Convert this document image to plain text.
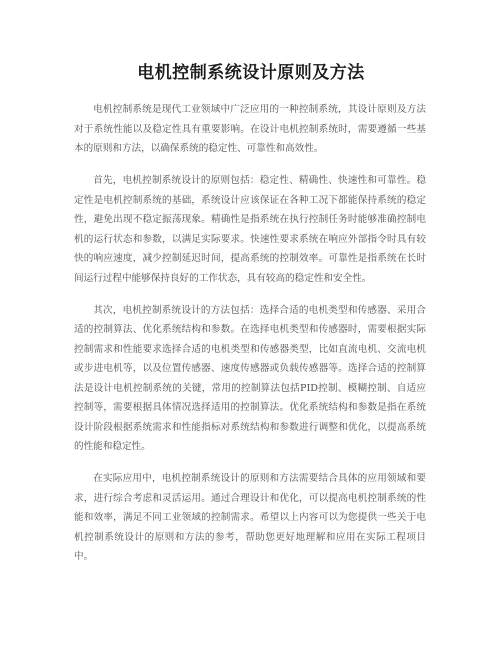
电机控制系统设计原则及方法

电机控制系统是现代工业领域中广泛应用的一种控制系统，其设计原则及方法对于系统性能以及稳定性具有重要影响。在设计电机控制系统时，需要遵循一些基本的原则和方法，以确保系统的稳定性、可靠性和高效性。

首先，电机控制系统设计的原则包括：稳定性、精确性、快速性和可靠性。稳定性是电机控制系统的基础，系统设计应该保证在各种工况下都能保持系统的稳定性，避免出现不稳定振荡现象。精确性是指系统在执行控制任务时能够准确控制电机的运行状态和参数，以满足实际要求。快速性要求系统在响应外部指令时具有较快的响应速度，减少控制延迟时间，提高系统的控制效率。可靠性是指系统在长时间运行过程中能够保持良好的工作状态，具有较高的稳定性和安全性。

其次，电机控制系统设计的方法包括：选择合适的电机类型和传感器、采用合适的控制算法、优化系统结构和参数。在选择电机类型和传感器时，需要根据实际控制需求和性能要求选择合适的电机类型和传感器类型，比如直流电机、交流电机或步进电机等，以及位置传感器、速度传感器或负载传感器等。选择合适的控制算法是设计电机控制系统的关键，常用的控制算法包括PID控制、模糊控制、自适应控制等，需要根据具体情况选择适用的控制算法。优化系统结构和参数是指在系统设计阶段根据系统需求和性能指标对系统结构和参数进行调整和优化，以提高系统的性能和稳定性。

在实际应用中，电机控制系统设计的原则和方法需要结合具体的应用领域和要求，进行综合考虑和灵活运用。通过合理设计和优化，可以提高电机控制系统的性能和效率，满足不同工业领域的控制需求。希望以上内容可以为您提供一些关于电机控制系统设计的原则和方法的参考，帮助您更好地理解和应用在实际工程项目中。
